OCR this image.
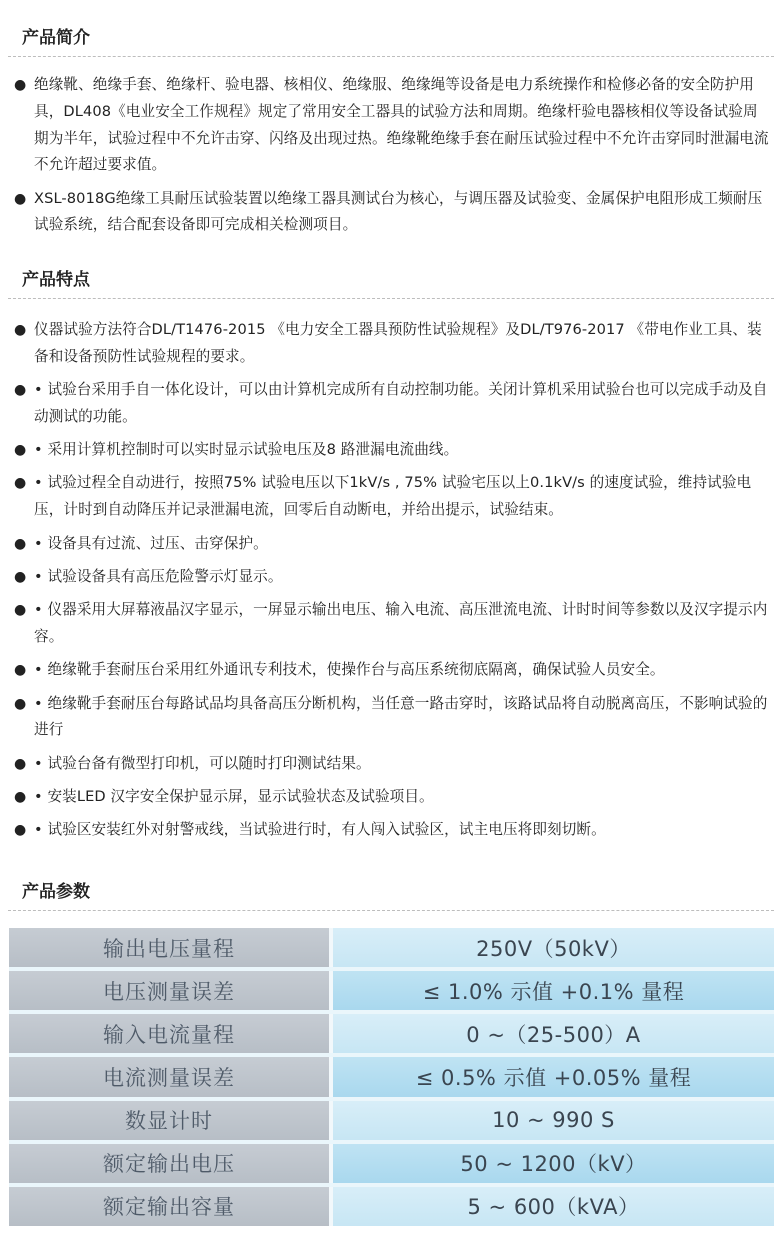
产品简介
● 绝缘靴、绝缘手套、绝缘杆、验电器、核相仪、绝缘服、绝缘绳等设备是电力系统操作和检修必备的安全防护用具，DL408《电业安全工作规程》规定了常用安全工器具的试验方法和周期。绝缘杆验电器核相仪等设备试验周期为半年，试验过程中不允许击穿、闪络及出现过热。绝缘靴绝缘手套在耐压试验过程中不允许击穿同时泄漏电流不允许超过要求值。
● XSL-8018G绝缘工具耐压试验装置以绝缘工器具测试台为核心，与调压器及试验变、金属保护电阻形成工频耐压试验系统，结合配套设备即可完成相关检测项目。
产品特点
● 仪器试验方法符合DL/T1476-2015 《电力安全工器具预防性试验规程》及DL/T976-2017 《带电作业工具、装备和设备预防性试验规程的要求。
● • 试验台采用手自一体化设计，可以由计算机完成所有自动控制功能。关闭计算机采用试验台也可以完成手动及自动测试的功能。
● • 采用计算机控制时可以实时显示试验电压及8 路泄漏电流曲线。
● • 试验过程全自动进行，按照75% 试验电压以下1kV/s , 75% 试验宅压以上0.1kV/s 的速度试验，维持试验电压，计时到自动降压并记录泄漏电流，回零后自动断电，并给出提示，试验结束。
● • 设备具有过流、过压、击穿保护。
● • 试验设备具有高压危险警示灯显示。
● • 仪器采用大屏幕液晶汉字显示，一屏显示输出电压、输入电流、高压泄流电流、计时时间等参数以及汉字提示内容。
● • 绝缘靴手套耐压台采用红外通讯专利技术，使操作台与高压系统彻底隔离，确保试验人员安全。
● • 绝缘靴手套耐压台每路试品均具备高压分断机构，当任意一路击穿时，该路试品将自动脱离高压，不影响试验的进行
● • 试验台备有微型打印机，可以随时打印测试结果。
● • 安装LED 汉字安全保护显示屏，显示试验状态及试验项目。
● • 试验区安装红外对射警戒线，当试验进行时，有人闯入试验区，试主电压将即刻切断。
产品参数
输出电压量程	250V（50kV）
电压测量误差	≤ 1.0% 示值 +0.1% 量程
输入电流量程	0 ~（25-500）A
电流测量误差	≤ 0.5% 示值 +0.05% 量程
数显计时	10 ~ 990 S
额定输出电压	50 ~ 1200（kV）
额定输出容量	5 ~ 600（kVA）
